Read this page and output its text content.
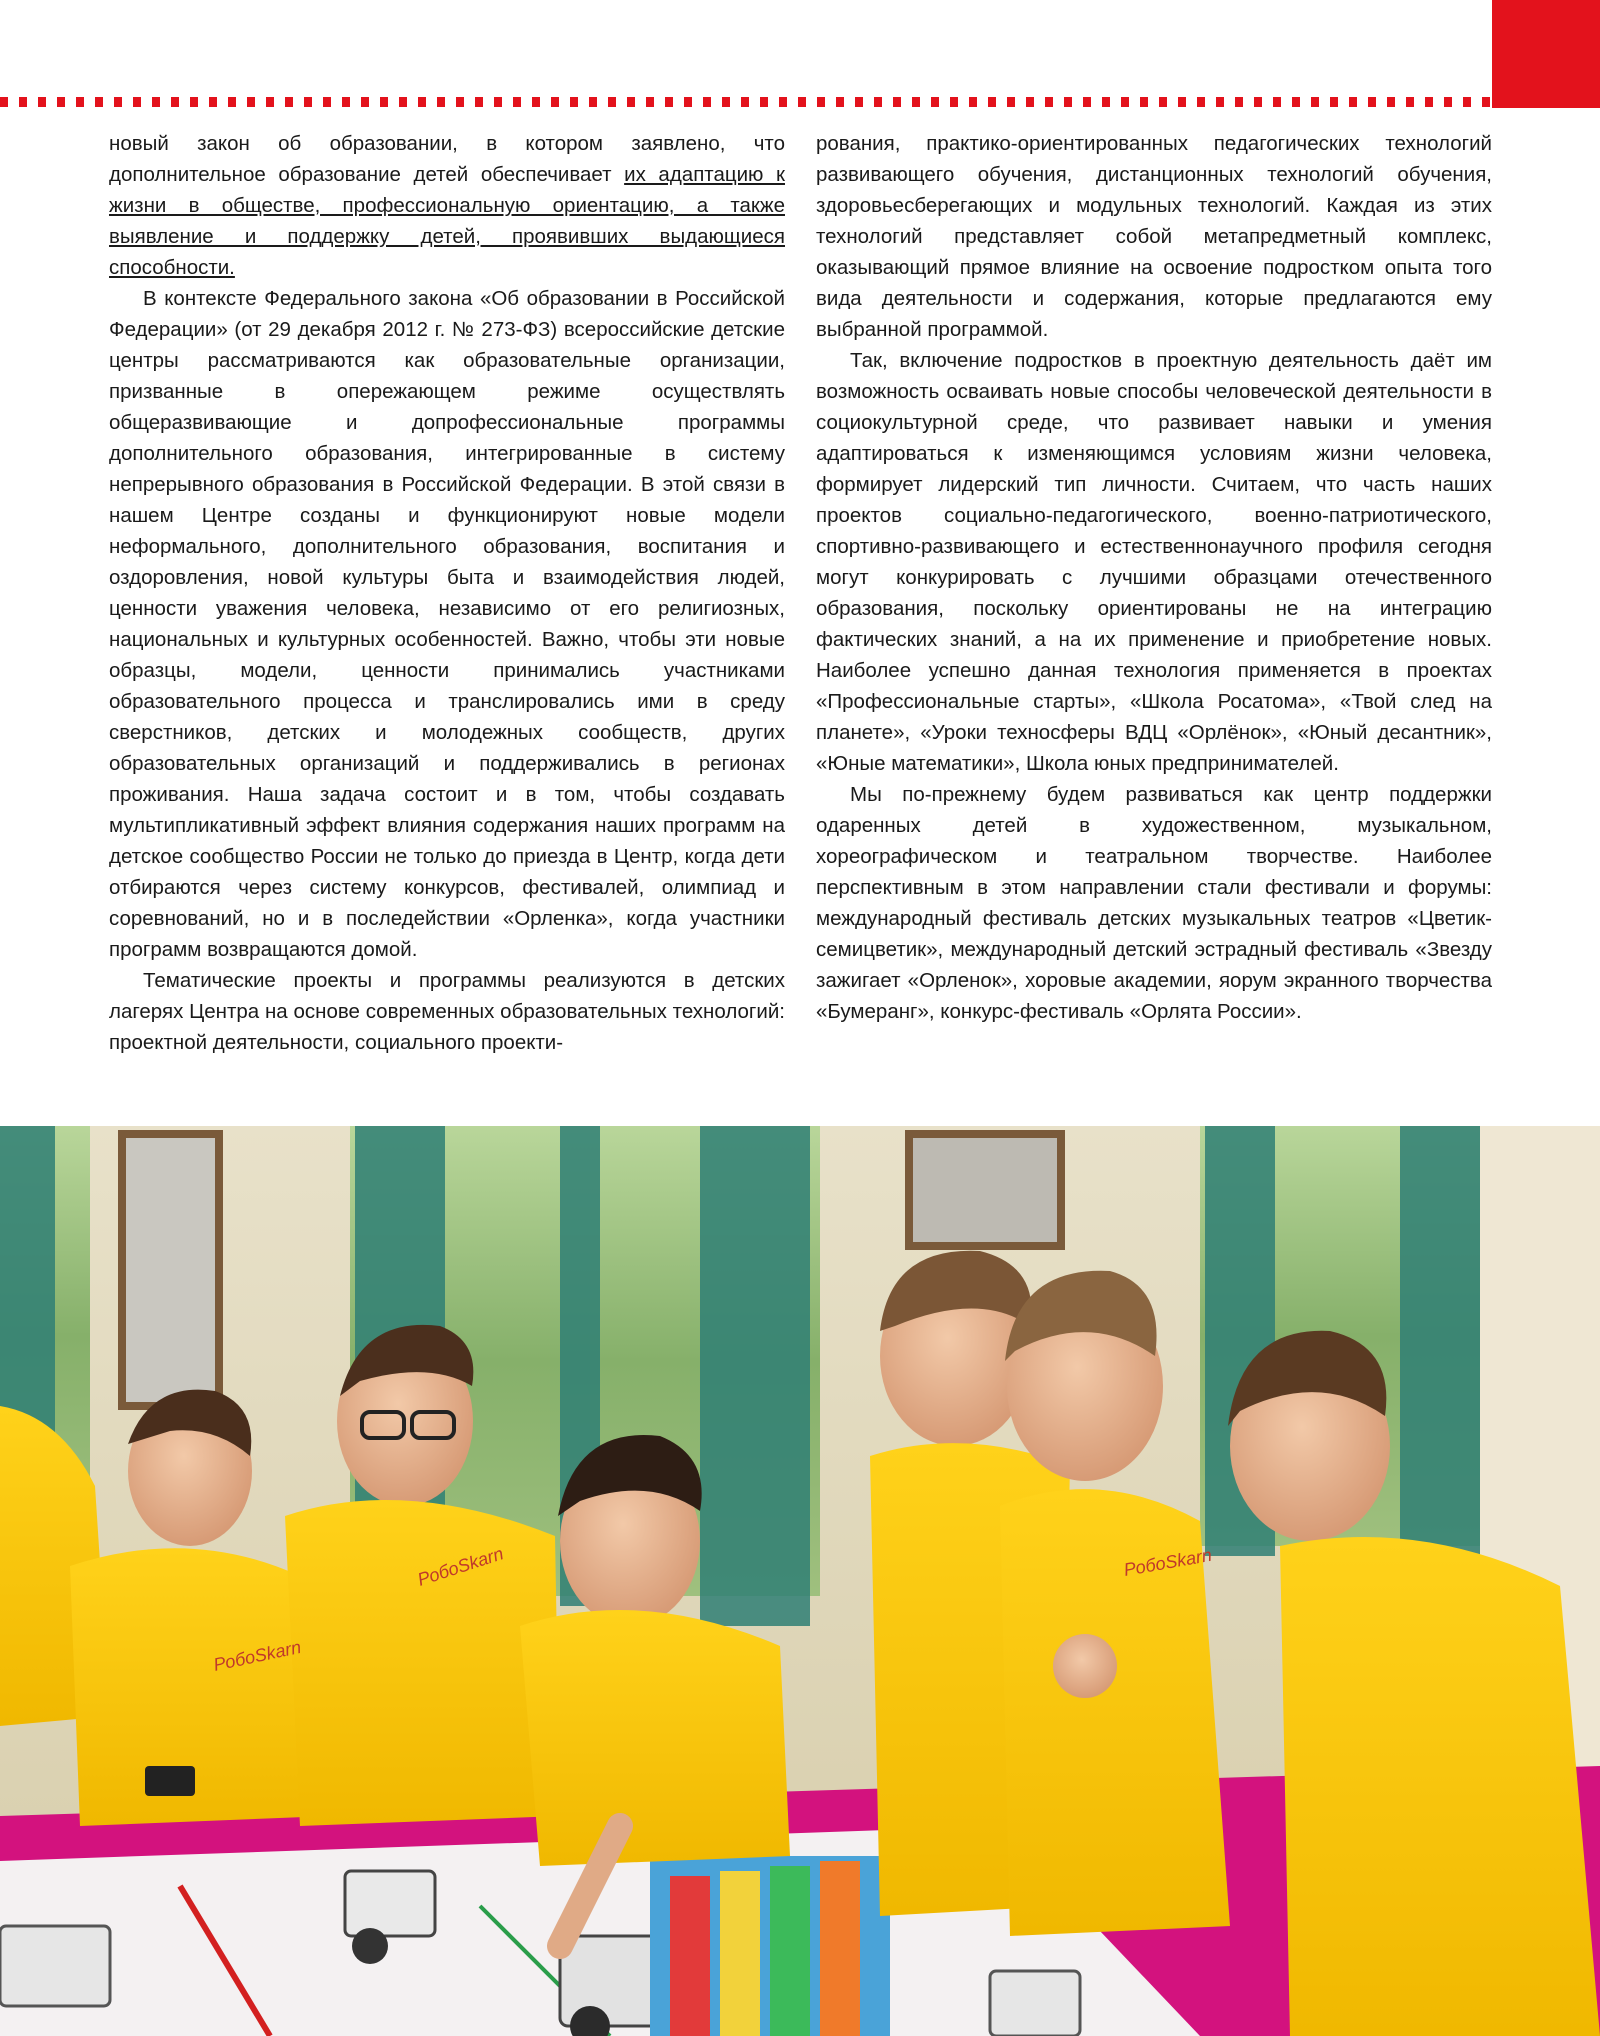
новый закон об образовании, в котором заявлено, что дополнительное образование детей обеспечивает их адаптацию к жизни в обществе, профессиональную ориентацию, а также выявление и поддержку детей, проявивших выдающиеся способности.

В контексте Федерального закона «Об образовании в Российской Федерации» (от 29 декабря 2012 г. № 273-ФЗ) всероссийские детские центры рассматриваются как образовательные организации, призванные в опережающем режиме осуществлять общеразвивающие и допрофессиональные программы дополнительного образования, интегрированные в систему непрерывного образования в Российской Федерации. В этой связи в нашем Центре созданы и функционируют новые модели неформального, дополнительного образования, воспитания и оздоровления, новой культуры быта и взаимодействия людей, ценности уважения человека, независимо от его религиозных, национальных и культурных особенностей. Важно, чтобы эти новые образцы, модели, ценности принимались участниками образовательного процесса и транслировались ими в среду сверстников, детских и молодежных сообществ, других образовательных организаций и поддерживались в регионах проживания. Наша задача состоит и в том, чтобы создавать мультипликативный эффект влияния содержания наших программ на детское сообщество России не только до приезда в Центр, когда дети отбираются через систему конкурсов, фестивалей, олимпиад и соревнований, но и в последействии «Орленка», когда участники программ возвращаются домой.

Тематические проекты и программы реализуются в детских лагерях Центра на основе современных образовательных технологий: проектной деятельности, социального проекти-

рования, практико-ориентированных педагогических технологий развивающего обучения, дистанционных технологий обучения, здоровьесберегающих и модульных технологий. Каждая из этих технологий представляет собой метапредметный комплекс, оказывающий прямое влияние на освоение подростком опыта того вида деятельности и содержания, которые предлагаются ему выбранной программой.

Так, включение подростков в проектную деятельность даёт им возможность осваивать новые способы человеческой деятельности в социокультурной среде, что развивает навыки и умения адаптироваться к изменяющимся условиям жизни человека, формирует лидерский тип личности. Считаем, что часть наших проектов социально-педагогического, военно-патриотического, спортивно-развивающего и естественнонаучного профиля сегодня могут конкурировать с лучшими образцами отечественного образования, поскольку ориентированы не на интеграцию фактических знаний, а на их применение и приобретение новых. Наиболее успешно данная технология применяется в проектах «Профессиональные старты», «Школа Росатома», «Твой след на планете», «Уроки техносферы ВДЦ «Орлёнок», «Юный десантник», «Юные математики», Школа юных предпринимателей.

Мы по-прежнему будем развиваться как центр поддержки одаренных детей в художественном, музыкальном, хореографическом и театральном творчестве. Наиболее перспективным в этом направлении стали фестивали и форумы: международный фестиваль детских музыкальных театров «Цветик-семицветик», международный детский эстрадный фестиваль «Звезду зажигает «Орленок», хоровые академии, яорум экранного творчества «Бумеранг», конкурс-фестиваль «Орлята России».

РобоSkarn
РобоSkarn	РобоSkarn
